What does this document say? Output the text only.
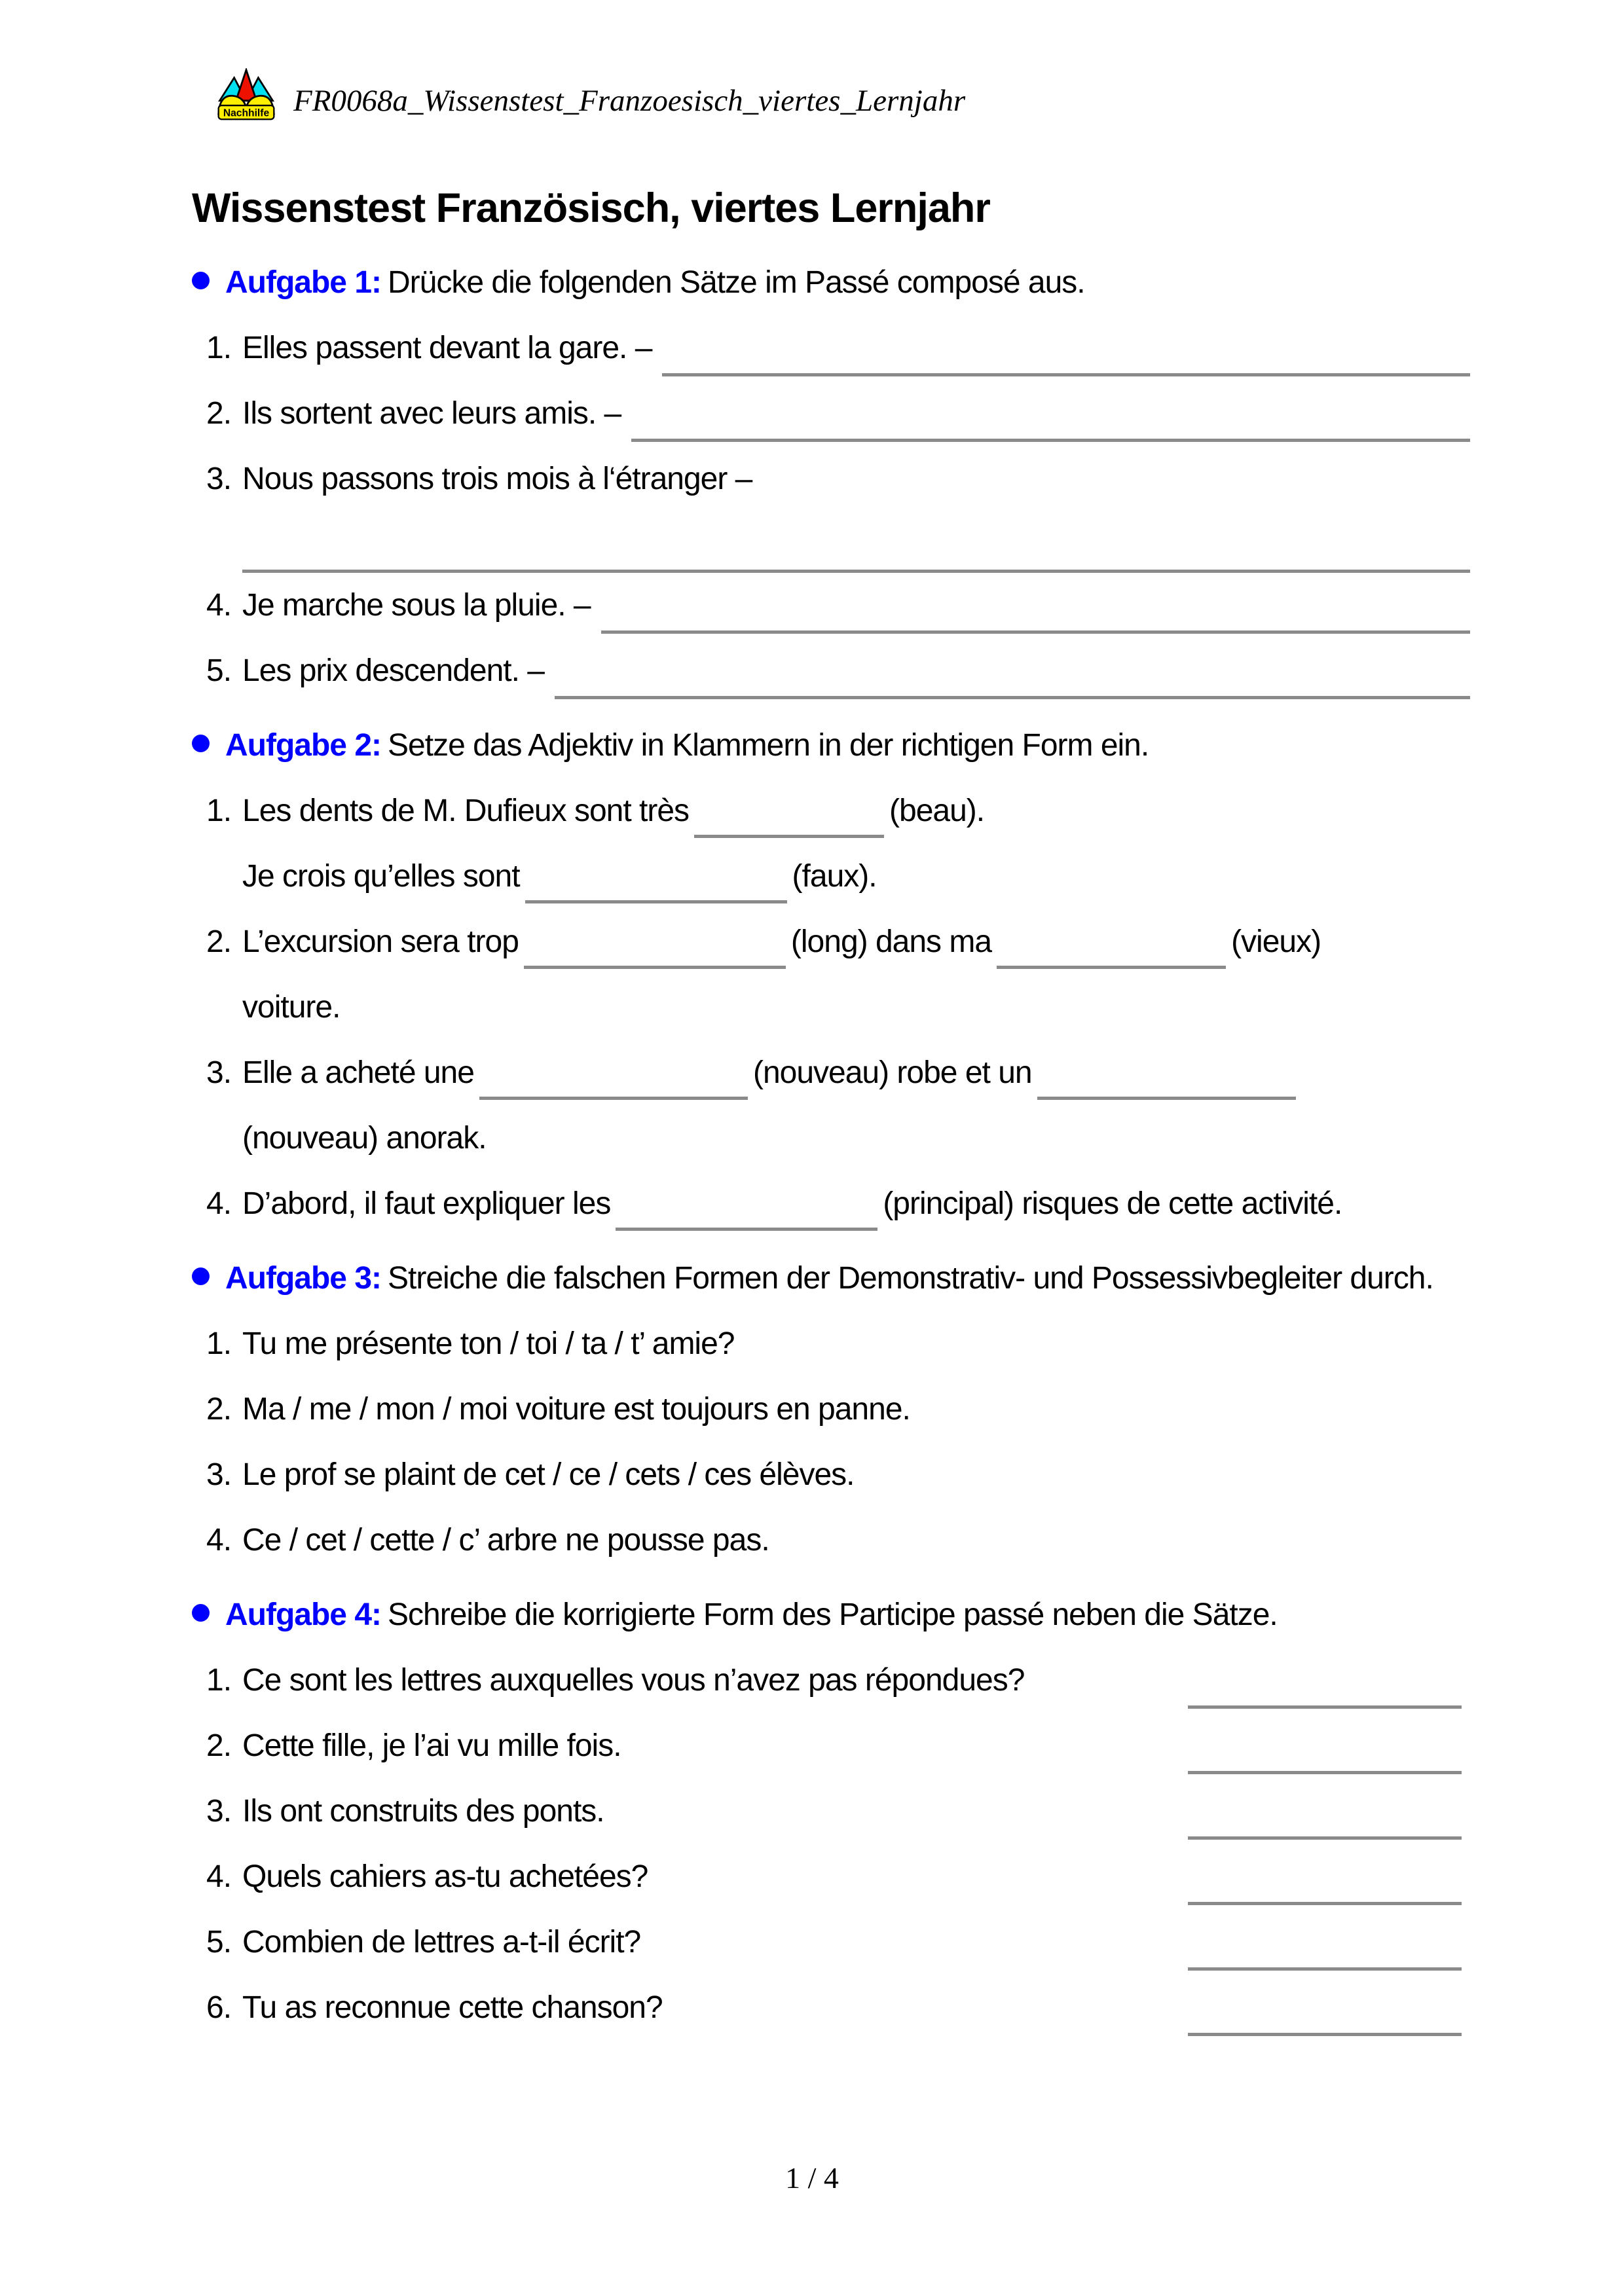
Nachhilfe FR0068a_Wissenstest_Franzoesisch_viertes_Lernjahr
Wissenstest Französisch, viertes Lernjahr
Aufgabe 1: Drücke die folgenden Sätze im Passé composé aus.
1. Elles passent devant la gare. –
2. Ils sortent avec leurs amis. –
3. Nous passons trois mois à l‘étranger –
4. Je marche sous la pluie. –
5. Les prix descendent. –
Aufgabe 2: Setze das Adjektiv in Klammern in der richtigen Form ein.
1. Les dents de M. Dufieux sont très	(beau).
Je crois qu’elles sont	(faux).
2. L’excursion sera trop	(long) dans ma	(vieux)
voiture.
3. Elle a acheté une	(nouveau) robe et un
(nouveau) anorak.
4. D’abord, il faut expliquer les	(principal) risques de cette activité.
Aufgabe 3: Streiche die falschen Formen der Demonstrativ- und Possessivbegleiter durch.
1. Tu me présente ton / toi / ta / t’ amie?
2. Ma / me / mon / moi voiture est toujours en panne.
3. Le prof se plaint de cet / ce / cets / ces élèves.
4. Ce / cet / cette / c’ arbre ne pousse pas.
Aufgabe 4: Schreibe die korrigierte Form des Participe passé neben die Sätze.
1. Ce sont les lettres auxquelles vous n’avez pas répondues?
2. Cette fille, je l’ai vu mille fois.
3. Ils ont construits des ponts.
4. Quels cahiers as-tu achetées?
5. Combien de lettres a-t-il écrit?
6. Tu as reconnue cette chanson?
1 / 4
